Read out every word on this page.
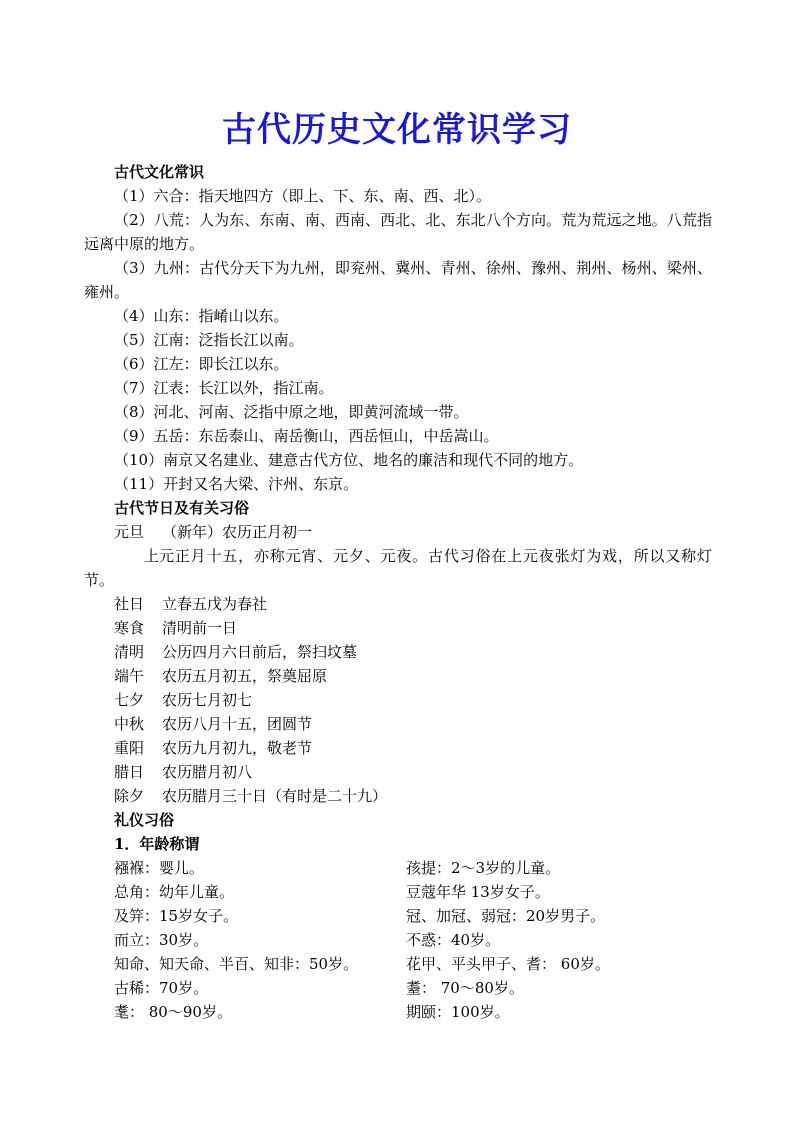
古代历史文化常识学习
古代文化常识
（1）六合：指天地四方（即上、下、东、南、西、北）。
（2）八荒：人为东、东南、南、西南、西北、北、东北八个方向。荒为荒远之地。八荒指远离中原的地方。
（3）九州：古代分天下为九州，即兖州、冀州、青州、徐州、豫州、荆州、杨州、梁州、雍州。
（4）山东：指崤山以东。
（5）江南：泛指长江以南。
（6）江左：即长江以东。
（7）江表：长江以外，指江南。
（8）河北、河南、泛指中原之地，即黄河流域一带。
（9）五岳：东岳泰山、南岳衡山，西岳恒山，中岳嵩山。
（10）南京又名建业、建意古代方位、地名的廉洁和现代不同的地方。
（11）开封又名大梁、汴州、东京。
古代节日及有关习俗
元旦 （新年）农历正月初一
上元正月十五，亦称元宵、元夕、元夜。古代习俗在上元夜张灯为戏，所以又称灯节。
社日 立春五戊为春社
寒食 清明前一日
清明 公历四月六日前后，祭扫坟墓
端午 农历五月初五，祭奠屈原
七夕 农历七月初七
中秋 农历八月十五，团圆节
重阳 农历九月初九，敬老节
腊日 农历腊月初八
除夕 农历腊月三十日（有时是二十九）
礼仪习俗
1．年龄称谓
襁褓：婴儿。	孩提：2～3岁的儿童。
总角：幼年儿童。	豆蔻年华 13岁女子。
及笄：15岁女子。	冠、加冠、弱冠：20岁男子。
而立：30岁。	不惑：40岁。
知命、知天命、半百、知非：50岁。	花甲、平头甲子、耆： 60岁。
古稀：70岁。	耋： 70～80岁。
耄： 80～90岁。	期颐：100岁。
